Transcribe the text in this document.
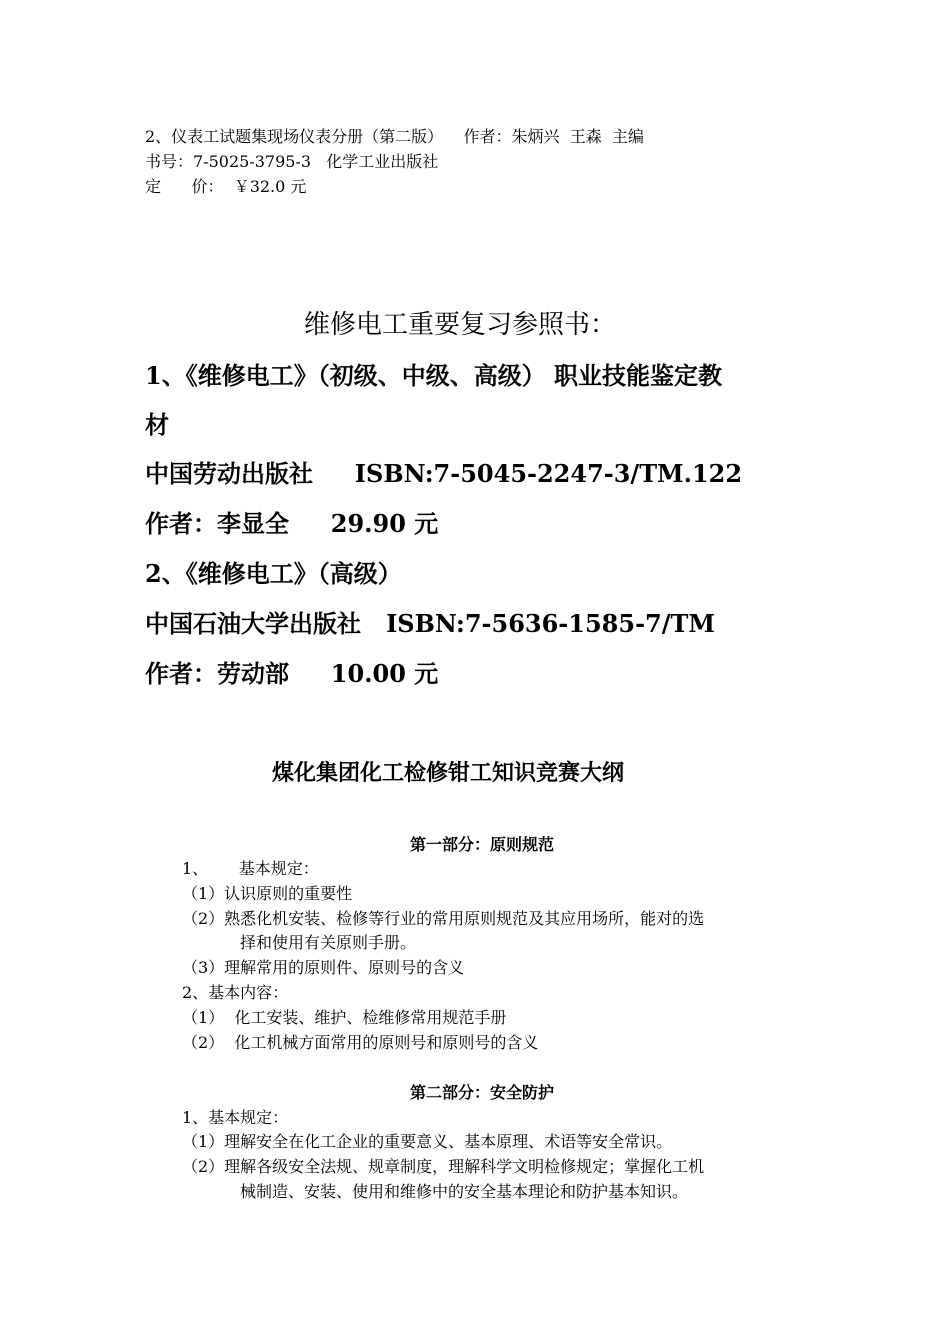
2、仪表工试题集现场仪表分册（第二版）    作者：朱炳兴  王森  主编
书号：7-5025-3795-3   化学工业出版社
定      价：  ￥32.0 元
维修电工重要复习参照书：
1、《维修电工》（初级、中级、高级） 职业技能鉴定教
材
中国劳动出版社     ISBN:7-5045-2247-3/TM.122
作者：李显全     29.90 元
2、《维修电工》（高级）
中国石油大学出版社   ISBN:7-5636-1585-7/TM
作者：劳动部     10.00 元
煤化集团化工检修钳工知识竞赛大纲
第一部分：原则规范
1、      基本规定：
（1）认识原则的重要性
（2）熟悉化机安装、检修等行业的常用原则规范及其应用场所，能对的选
择和使用有关原则手册。
（3）理解常用的原则件、原则号的含义
2、基本内容：
（1）  化工安装、维护、检维修常用规范手册
（2）  化工机械方面常用的原则号和原则号的含义
第二部分：安全防护
1、基本规定：
（1）理解安全在化工企业的重要意义、基本原理、术语等安全常识。
（2）理解各级安全法规、规章制度，理解科学文明检修规定；掌握化工机
械制造、安装、使用和维修中的安全基本理论和防护基本知识。
